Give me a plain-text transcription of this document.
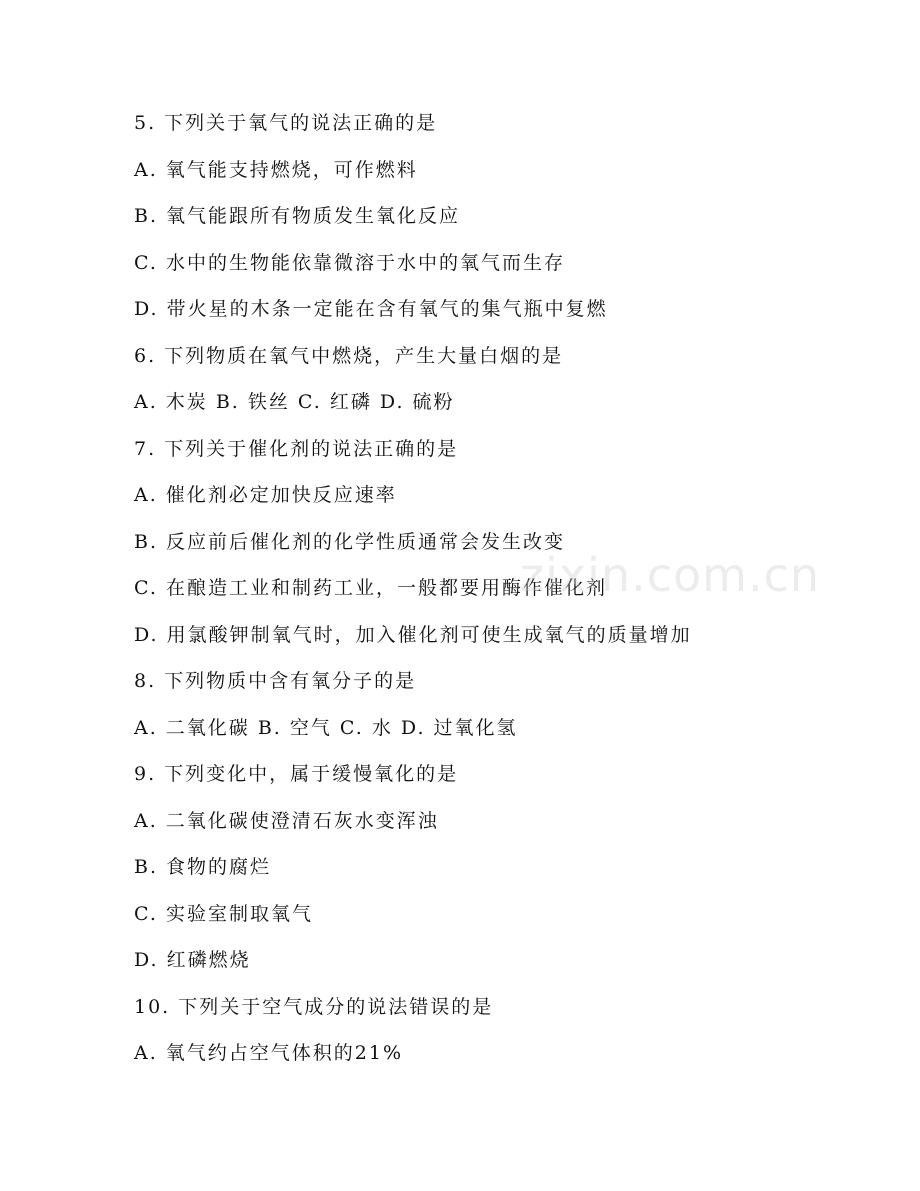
5. 下列关于氧气的说法正确的是
A. 氧气能支持燃烧，可作燃料
B. 氧气能跟所有物质发生氧化反应
C. 水中的生物能依靠微溶于水中的氧气而生存
D. 带火星的木条一定能在含有氧气的集气瓶中复燃
6. 下列物质在氧气中燃烧，产生大量白烟的是
A. 木炭 B. 铁丝 C. 红磷 D. 硫粉
7. 下列关于催化剂的说法正确的是
A. 催化剂必定加快反应速率
B. 反应前后催化剂的化学性质通常会发生改变
C. 在酿造工业和制药工业，一般都要用酶作催化剂
D. 用氯酸钾制氧气时，加入催化剂可使生成氧气的质量增加
8. 下列物质中含有氧分子的是
A. 二氧化碳 B. 空气 C. 水 D. 过氧化氢
9. 下列变化中，属于缓慢氧化的是
A. 二氧化碳使澄清石灰水变浑浊
B. 食物的腐烂
C. 实验室制取氧气
D. 红磷燃烧
10. 下列关于空气成分的说法错误的是
A. 氧气约占空气体积的21%
zixin.com.cn
